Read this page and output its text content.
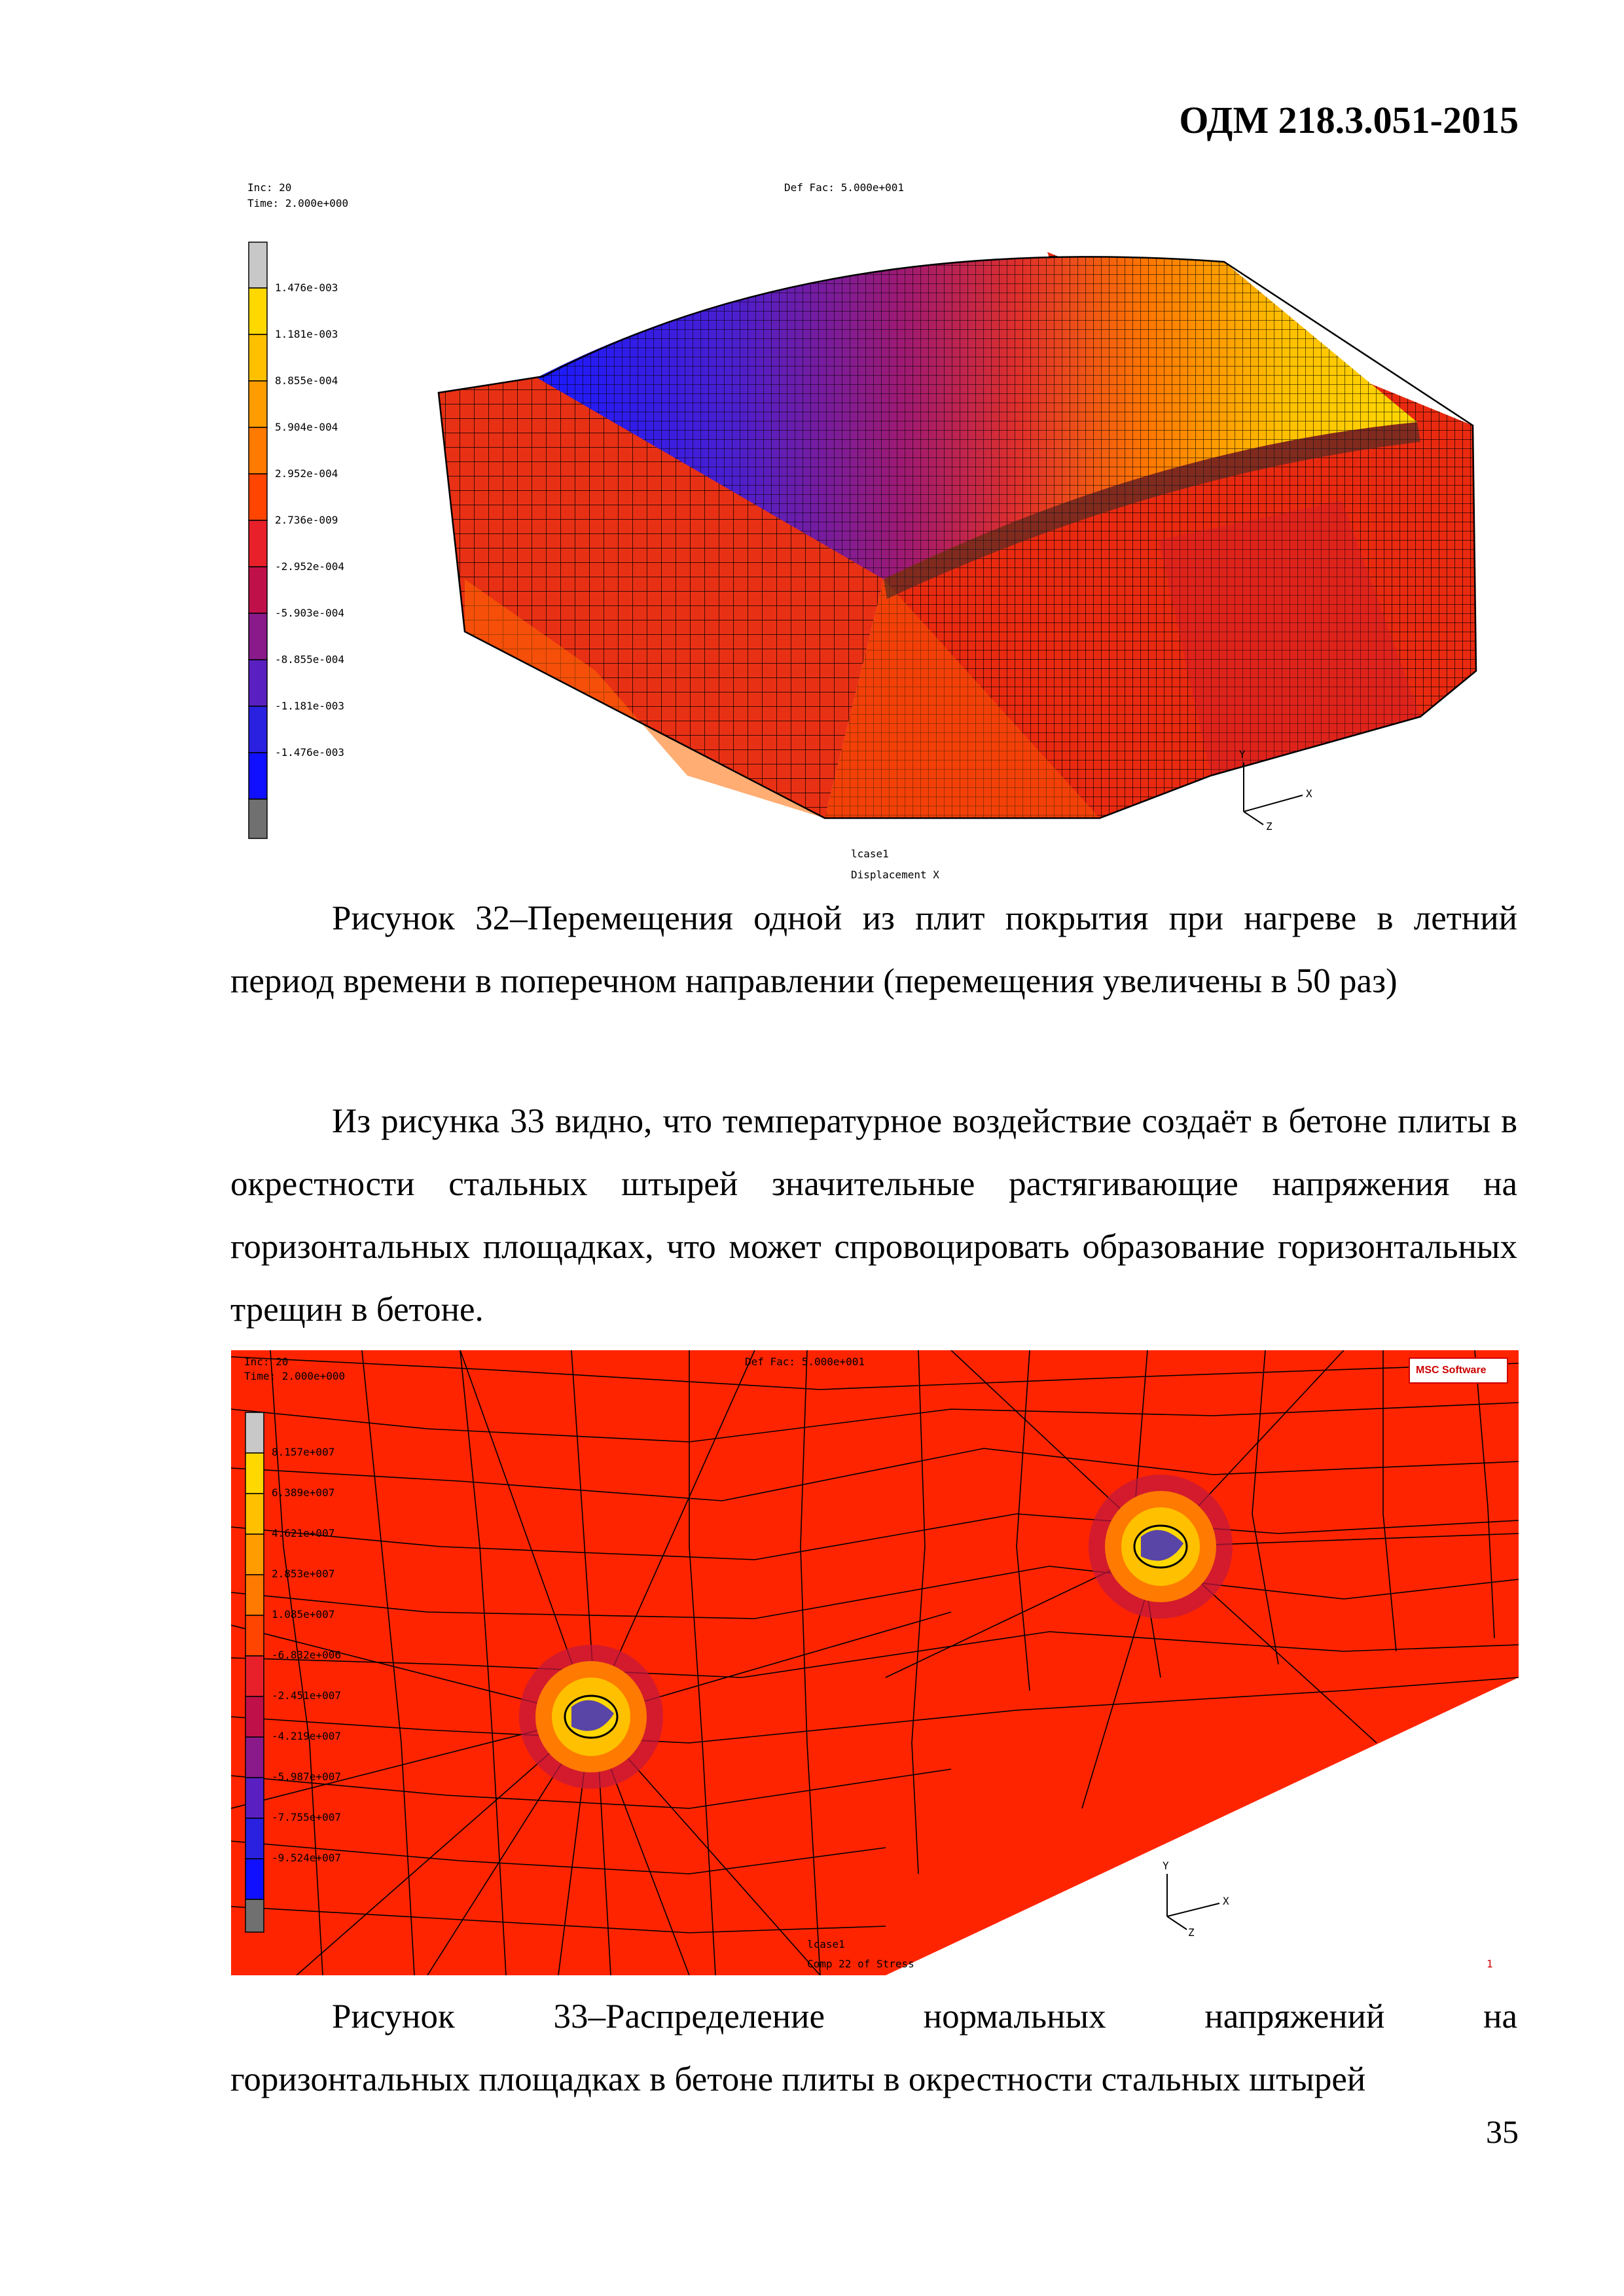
ОДМ 218.3.051-2015
Inc: 20
Time: 2.000e+000
Def Fac: 5.000e+001
1.476e-003
1.181e-003
8.855e-004
5.904e-004
2.952e-004
2.736e-009
-2.952e-004
-5.903e-004
-8.855e-004
-1.181e-003
-1.476e-003	Y
X
Z
lcase1
Displacement X
Рисунок 32–Перемещения одной из плит покрытия при нагреве в летний период времени в поперечном направлении (перемещения увеличены в 50 раз)
Из рисунка 33 видно, что температурное воздействие создаёт в бетоне плиты в окрестности стальных штырей значительные растягивающие напряжения на горизонтальных площадках, что может спровоцировать образование горизонтальных трещин в бетоне.
Inc: 20
Time: 2.000e+000
Def Fac: 5.000e+001
MSC Software
8.157e+007
6.389e+007
4.621e+007
2.853e+007
1.085e+007
-6.832e+006
-2.451e+007
-4.219e+007
-5.987e+007
-7.755e+007
-9.524e+007
Y
X
Z
lcase1
Comp 22 of Stress	1
Рисунок	33–Распределение	нормальных	напряжений	на
горизонтальных площадках в бетоне плиты в окрестности стальных штырей
35
